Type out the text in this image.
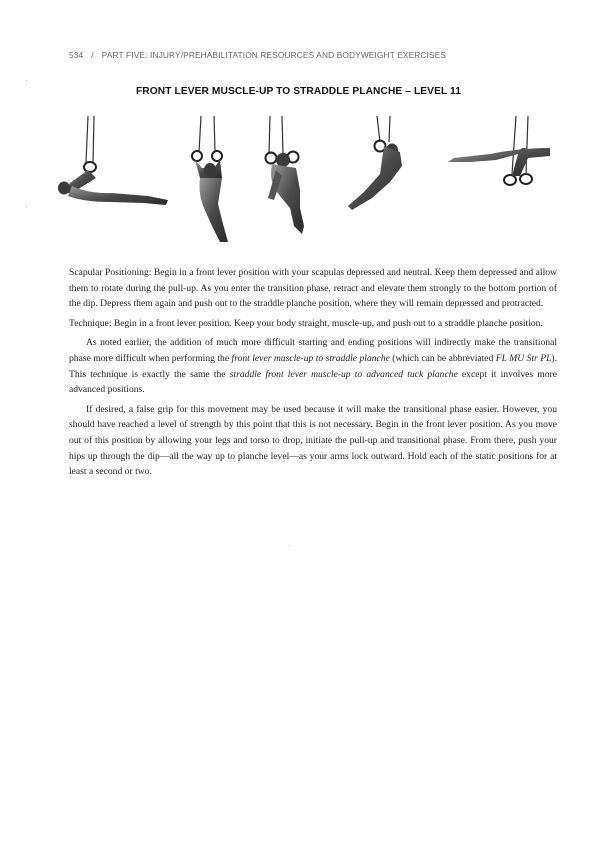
534 / PART FIVE: INJURY/PREHABILITATION RESOURCES AND BODYWEIGHT EXERCISES
FRONT LEVER MUSCLE-UP TO STRADDLE PLANCHE – LEVEL 11

Scapular Positioning: Begin in a front lever position with your scapulas depressed and neutral. Keep them depressed and allow them to rotate during the pull-up. As you enter the transition phase, retract and elevate them strongly to the bottom portion of the dip. Depress them again and push out to the straddle planche position, where they will remain depressed and protracted.

Technique: Begin in a front lever position. Keep your body straight, muscle-up, and push out to a straddle planche position.

As noted earlier, the addition of much more difficult starting and ending positions will indirectly make the transitional phase more difficult when performing the front lever muscle-up to straddle planche (which can be abbreviated FL MU Str PL). This technique is exactly the same the straddle front lever muscle-up to advanced tuck planche except it involves more advanced positions.

If desired, a false grip for this movement may be used because it will make the transitional phase easier. However, you should have reached a level of strength by this point that this is not necessary. Begin in the front lever position. As you move out of this position by allowing your legs and torso to drop, initiate the pull-up and transitional phase. From there, push your hips up through the dip—all the way up to planche level—as your arms lock outward. Hold each of the static positions for at least a second or two.
